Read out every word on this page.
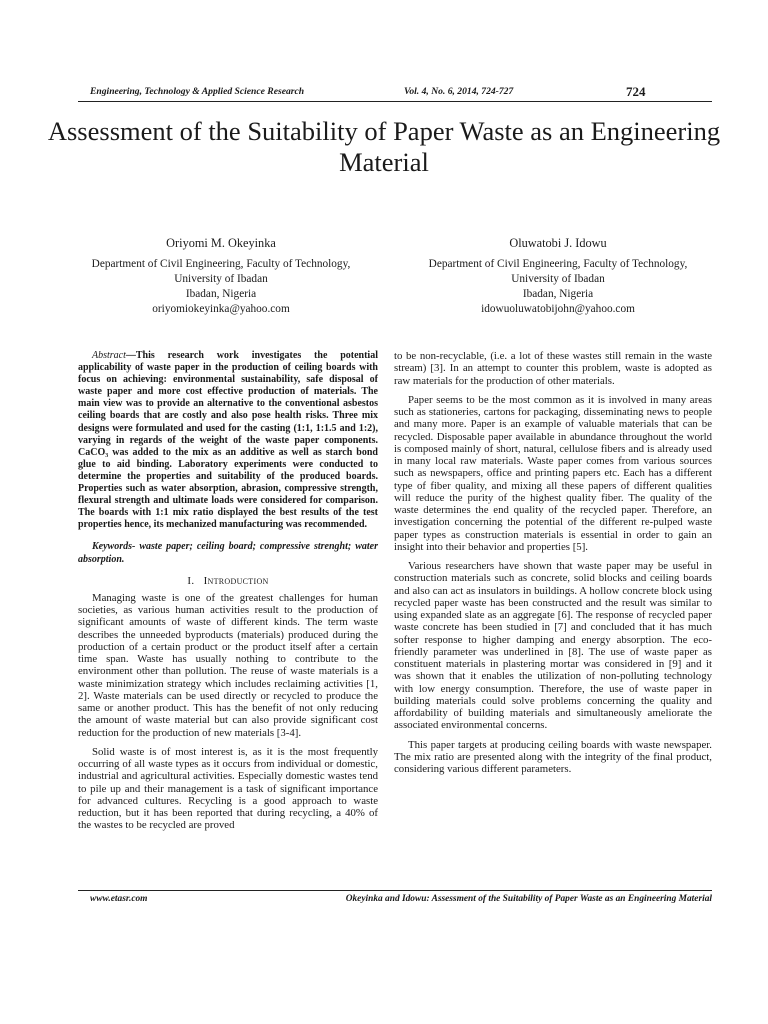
Engineering, Technology & Applied Science Research	Vol. 4, No. 6, 2014, 724-727	724
Assessment of the Suitability of Paper Waste as an Engineering Material
Oriyomi M. Okeyinka
Department of Civil Engineering, Faculty of Technology,
University of Ibadan
Ibadan, Nigeria
oriyomiokeyinka@yahoo.com
Oluwatobi J. Idowu
Department of Civil Engineering, Faculty of Technology,
University of Ibadan
Ibadan, Nigeria
idowuoluwatobijohn@yahoo.com

Abstract—This research work investigates the potential applicability of waste paper in the production of ceiling boards with focus on achieving: environmental sustainability, safe disposal of waste paper and more cost effective production of materials. The main view was to provide an alternative to the conventional asbestos ceiling boards that are costly and also pose health risks. Three mix designs were formulated and used for the casting (1:1, 1:1.5 and 1:2), varying in regards of the weight of the waste paper components. CaCO₃ was added to the mix as an additive as well as starch bond glue to aid binding. Laboratory experiments were conducted to determine the properties and suitability of the produced boards. Properties such as water absorption, abrasion, compressive strength, flexural strength and ultimate loads were considered for comparison. The boards with 1:1 mix ratio displayed the best results of the test properties hence, its mechanized manufacturing was recommended.

Keywords- waste paper; ceiling board; compressive strenght; water absorption.

I. Introduction

Managing waste is one of the greatest challenges for human societies, as various human activities result to the production of significant amounts of waste of different kinds. The term waste describes the unneeded byproducts (materials) produced during the production of a certain product or the product itself after a certain time span. Waste has usually nothing to contribute to the environment other than pollution. The reuse of waste materials is a waste minimization strategy which includes reclaiming activities [1, 2]. Waste materials can be used directly or recycled to produce the same or another product. This has the benefit of not only reducing the amount of waste material but can also provide significant cost reduction for the production of new materials [3-4].

Solid waste is of most interest is, as it is the most frequently occurring of all waste types as it occurs from individual or domestic, industrial and agricultural activities. Especially domestic wastes tend to pile up and their management is a task of significant importance for advanced cultures. Recycling is a good approach to waste reduction, but it has been reported that during recycling, a 40% of the wastes to be recycled are proved

to be non-recyclable, (i.e. a lot of these wastes still remain in the waste stream) [3]. In an attempt to counter this problem, waste is adopted as raw materials for the production of other materials.

Paper seems to be the most common as it is involved in many areas such as stationeries, cartons for packaging, disseminating news to people and many more. Paper is an example of valuable materials that can be recycled. Disposable paper available in abundance throughout the world is composed mainly of short, natural, cellulose fibers and is already used in many local raw materials. Waste paper comes from various sources such as newspapers, office and printing papers etc. Each has a different type of fiber quality, and mixing all these papers of different qualities will reduce the purity of the highest quality fiber. The quality of the waste determines the end quality of the recycled paper. Therefore, an investigation concerning the potential of the different re-pulped waste paper types as construction materials is essential in order to gain an insight into their behavior and properties [5].

Various researchers have shown that waste paper may be useful in construction materials such as concrete, solid blocks and ceiling boards and also can act as insulators in buildings. A hollow concrete block using recycled paper waste has been constructed and the result was similar to using expanded slate as an aggregate [6]. The response of recycled paper waste concrete has been studied in [7] and concluded that it has much softer response to higher damping and energy absorption. The eco-friendly parameter was underlined in [8]. The use of waste paper as constituent materials in plastering mortar was considered in [9] and it was shown that it enables the utilization of non-polluting technology with low energy consumption. Therefore, the use of waste paper in building materials could solve problems concerning the quality and affordability of building materials and simultaneously ameliorate the associated environmental concerns.

This paper targets at producing ceiling boards with waste newspaper. The mix ratio are presented along with the integrity of the final product, considering various different parameters.

www.etasr.com	Okeyinka and Idowu: Assessment of the Suitability of Paper Waste as an Engineering Material
